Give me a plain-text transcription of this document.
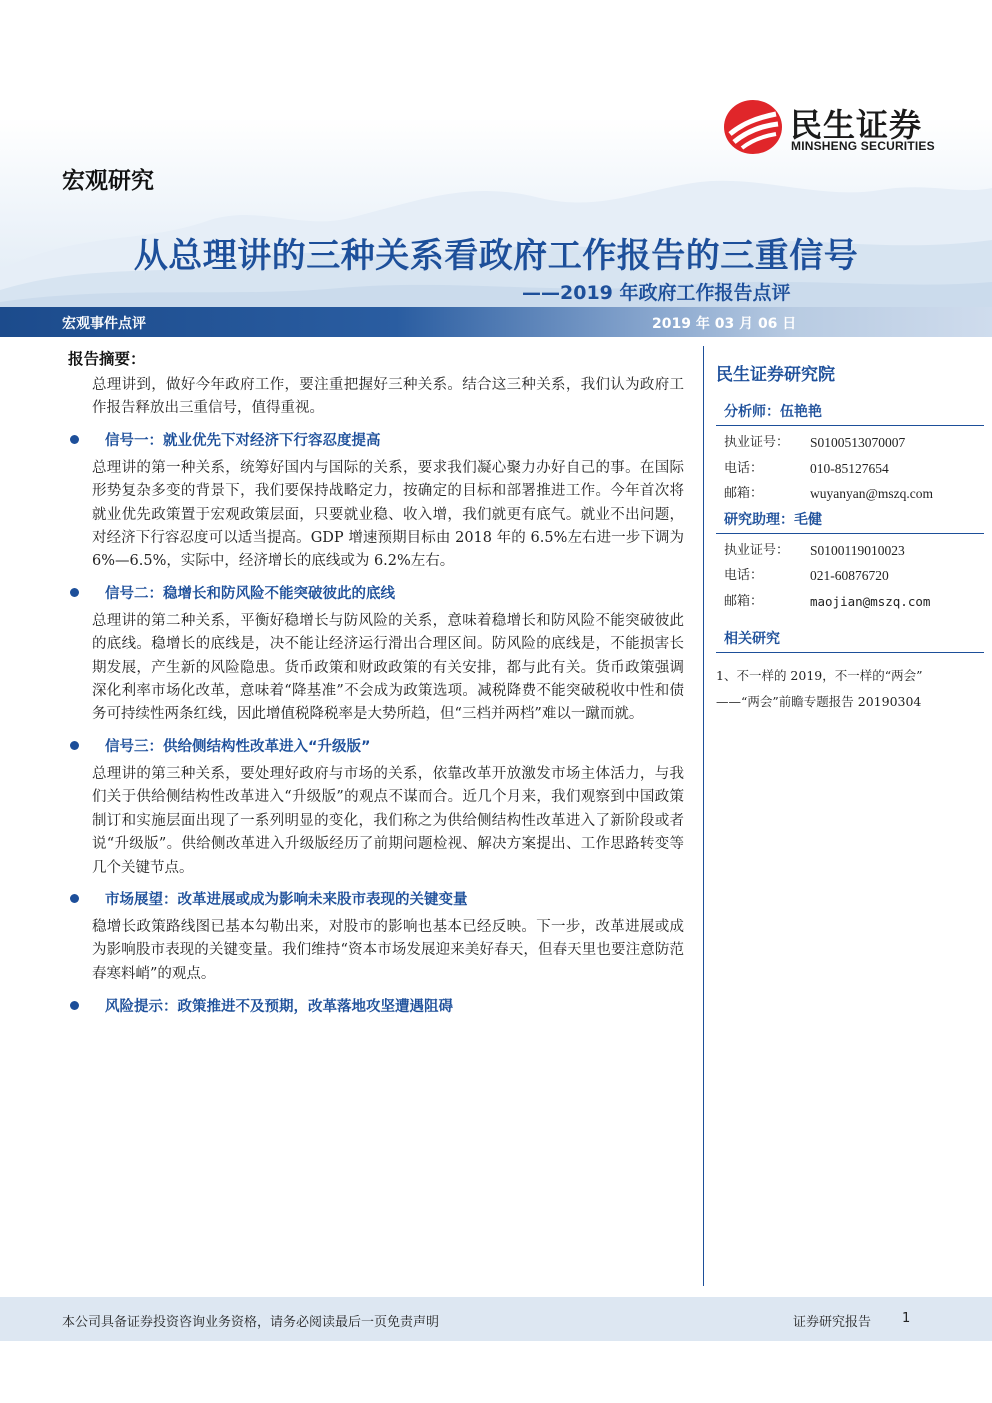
民生证券
MINSHENG SECURITIES
宏观研究
从总理讲的三种关系看政府工作报告的三重信号
——2019 年政府工作报告点评
宏观事件点评	2019 年 03 月 06 日
报告摘要：

总理讲到，做好今年政府工作，要注重把握好三种关系。结合这三种关系，我们认为政府工作报告释放出三重信号，值得重视。

信号一：就业优先下对经济下行容忍度提高

总理讲的第一种关系，统筹好国内与国际的关系，要求我们凝心聚力办好自己的事。在国际形势复杂多变的背景下，我们要保持战略定力，按确定的目标和部署推进工作。今年首次将就业优先政策置于宏观政策层面，只要就业稳、收入增，我们就更有底气。就业不出问题，对经济下行容忍度可以适当提高。GDP 增速预期目标由 2018 年的 6.5%左右进一步下调为 6%—6.5%，实际中，经济增长的底线或为 6.2%左右。

信号二：稳增长和防风险不能突破彼此的底线

总理讲的第二种关系，平衡好稳增长与防风险的关系，意味着稳增长和防风险不能突破彼此的底线。稳增长的底线是，决不能让经济运行滑出合理区间。防风险的底线是，不能损害长期发展，产生新的风险隐患。货币政策和财政政策的有关安排，都与此有关。货币政策强调深化利率市场化改革，意味着“降基准”不会成为政策选项。减税降费不能突破税收中性和债务可持续性两条红线，因此增值税降税率是大势所趋，但“三档并两档”难以一蹴而就。

信号三：供给侧结构性改革进入“升级版”

总理讲的第三种关系，要处理好政府与市场的关系，依靠改革开放激发市场主体活力，与我们关于供给侧结构性改革进入“升级版”的观点不谋而合。近几个月来，我们观察到中国政策制订和实施层面出现了一系列明显的变化，我们称之为供给侧结构性改革进入了新阶段或者说“升级版”。供给侧改革进入升级版经历了前期问题检视、解决方案提出、工作思路转变等几个关键节点。

市场展望：改革进展或成为影响未来股市表现的关键变量

稳增长政策路线图已基本勾勒出来，对股市的影响也基本已经反映。下一步，改革进展或成为影响股市表现的关键变量。我们维持“资本市场发展迎来美好春天，但春天里也要注意防范春寒料峭”的观点。

风险提示：政策推进不及预期，改革落地攻坚遭遇阻碍
民生证券研究院
分析师：伍艳艳
执业证号：	S0100513070007
电话：	010-85127654
邮箱：	wuyanyan@mszq.com
研究助理：毛健
执业证号：	S0100119010023
电话：	021-60876720
邮箱：	maojian@mszq.com
相关研究
1、不一样的 2019，不一样的“两会”
——“两会”前瞻专题报告 20190304
本公司具备证券投资咨询业务资格，请务必阅读最后一页免责声明	证券研究报告 1
